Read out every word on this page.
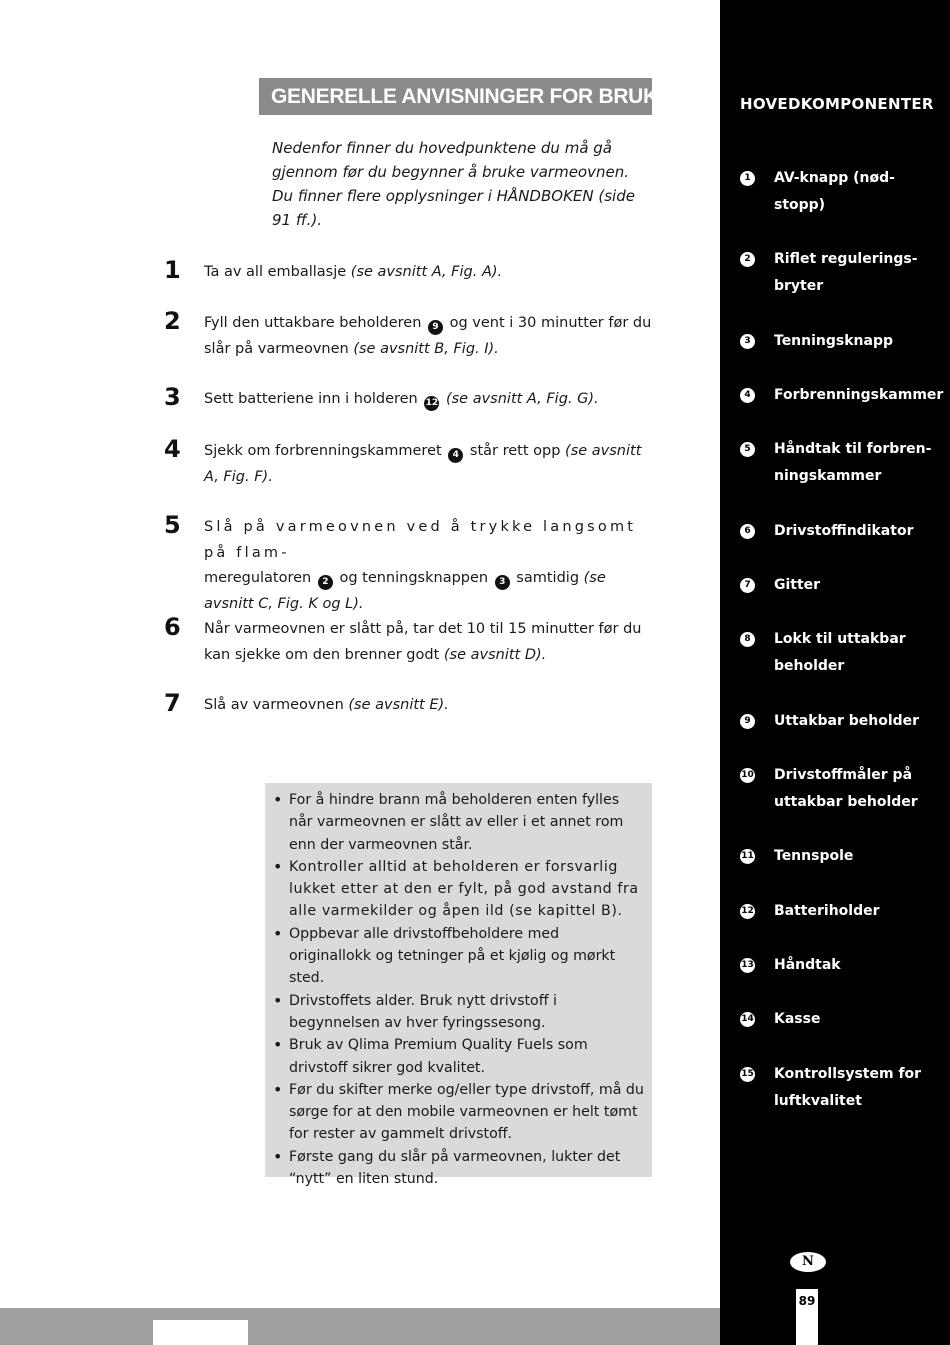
GENERELLE ANVISNINGER FOR BRUK

Nedenfor finner du hovedpunktene du må gå gjennom før du begynner å bruke varmeovnen. Du finner flere opplysninger i HÅNDBOKEN (side 91 ff.).

1 Ta av all emballasje (se avsnitt A, Fig. A).
2 Fyll den uttakbare beholderen 9 og vent i 30 minutter før du slår på varmeovnen (se avsnitt B, Fig. I).
3 Sett batteriene inn i holderen 12 (se avsnitt A, Fig. G).
4 Sjekk om forbrenningskammeret 4 står rett opp (se avsnitt A, Fig. F).
5 Slå på varmeovnen ved å trykke langsomt på flam-
meregulatoren 2 og tenningsknappen 3 samtidig (se avsnitt C, Fig. K og L).
6 Når varmeovnen er slått på, tar det 10 til 15 minutter før du kan sjekke om den brenner godt (se avsnitt D).
7 Slå av varmeovnen (se avsnitt E).
• For å hindre brann må beholderen enten fylles når varmeovnen er slått av eller i et annet rom enn der varmeovnen står.
• Kontroller alltid at beholderen er forsvarlig lukket etter at den er fylt, på god avstand fra alle varmekilder og åpen ild (se kapittel B).
• Oppbevar alle drivstoffbeholdere med originallokk og tetninger på et kjølig og mørkt sted.
• Drivstoffets alder. Bruk nytt drivstoff i begynnelsen av hver fyringssesong.
• Bruk av Qlima Premium Quality Fuels som drivstoff sikrer god kvalitet.
• Før du skifter merke og/eller type drivstoff, må du sørge for at den mobile varmeovnen er helt tømt for rester av gammelt drivstoff.
• Første gang du slår på varmeovnen, lukter det “nytt” en liten stund.
HOVEDKOMPONENTER
1	AV-knapp (nød-stopp)
2	Riflet regulerings-bryter
3	Tenningsknapp
4	Forbrenningskammer
5	Håndtak til forbren-ningskammer
6	Drivstoffindikator
7	Gitter
8	Lokk til uttakbar beholder
9	Uttakbar beholder
10 Drivstoffmåler på uttakbar beholder
11 Tennspole
12 Batteriholder
13 Håndtak
14 Kasse
15 Kontrollsystem for luftkvalitet
N
89
